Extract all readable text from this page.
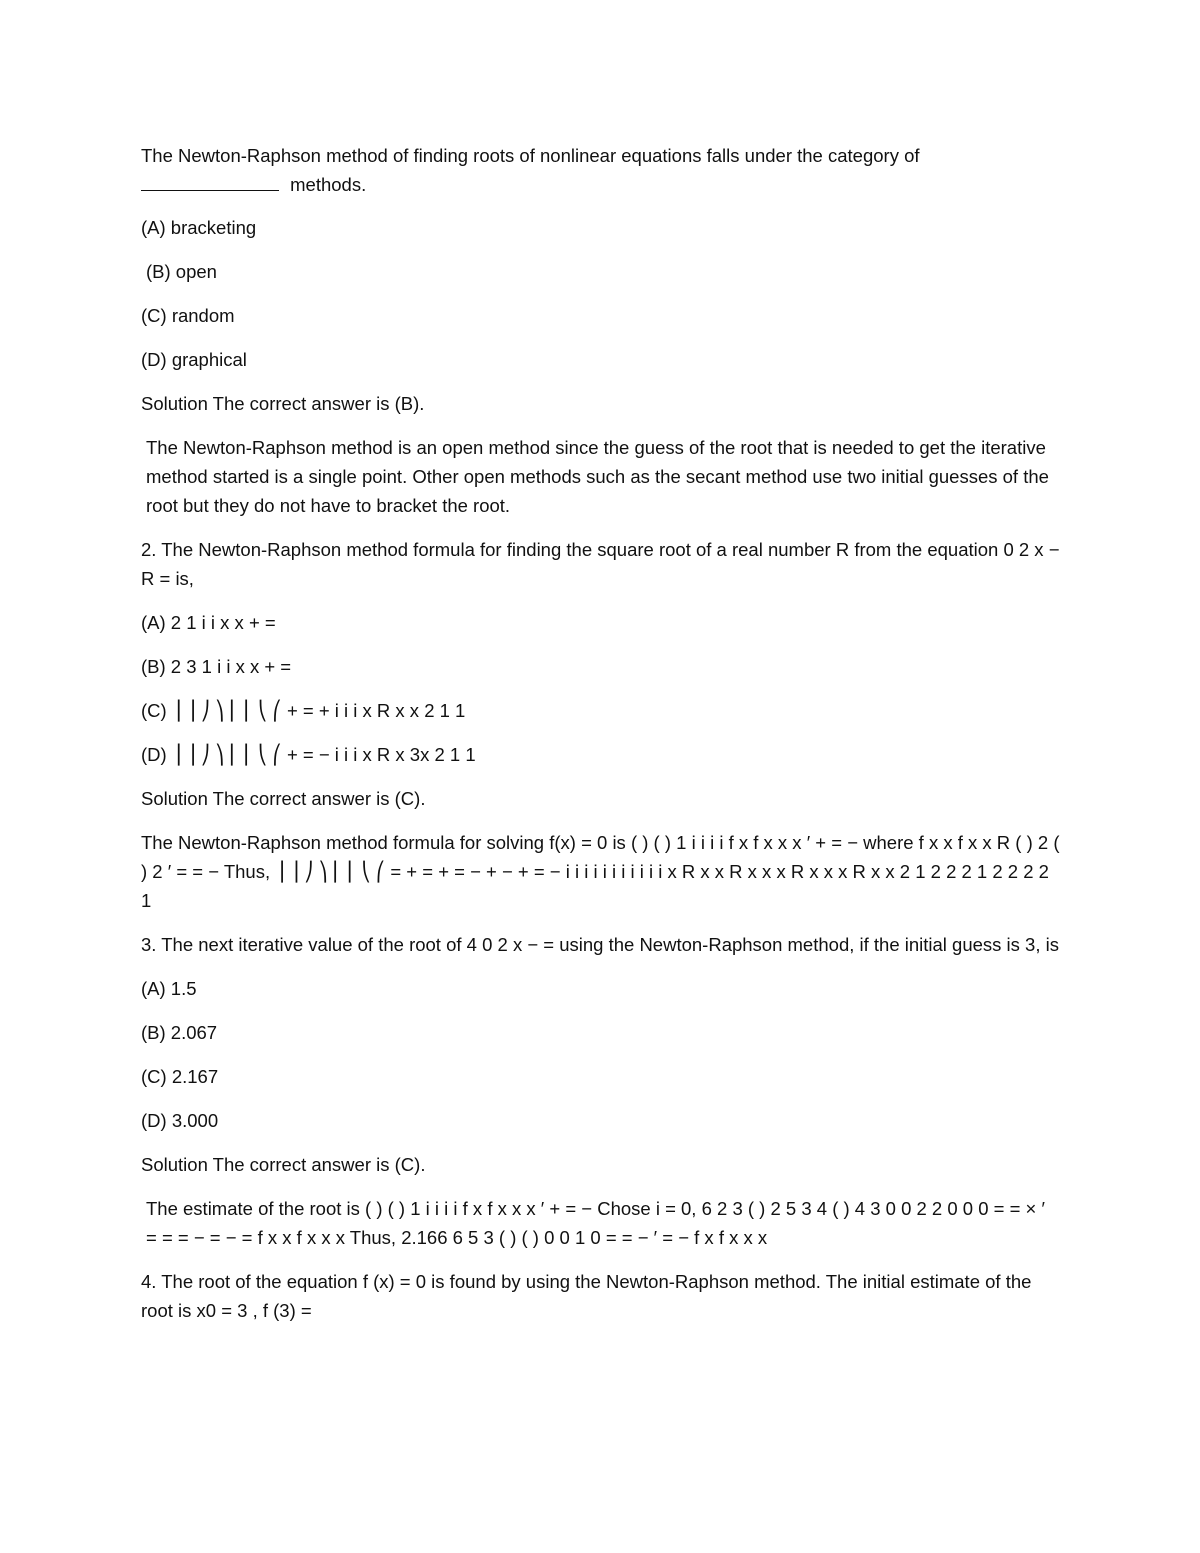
The Newton-Raphson method of finding roots of nonlinear equations falls under the category of
methods.

(A) bracketing

(B) open

(C) random

(D) graphical

Solution The correct answer is (B).

The Newton-Raphson method is an open method since the guess of the root that is needed to get the iterative method started is a single point. Other open methods such as the secant method use two initial guesses of the root but they do not have to bracket the root.

2. The Newton-Raphson method formula for finding the square root of a real number R from the equation 0 2 x − R = is,

(A) 2 1 i i x x + =

(B) 2 3 1 i i x x + =

(C) ⎟ ⎟ ⎠ ⎞ ⎜ ⎜ ⎝ ⎛ + = + i i i x R x x 2 1 1

(D) ⎟ ⎟ ⎠ ⎞ ⎜ ⎜ ⎝ ⎛ + = − i i i x R x 3x 2 1 1

Solution The correct answer is (C).

The Newton-Raphson method formula for solving f(x) = 0 is ( ) ( ) 1 i i i i f x f x x x ′ + = − where f x x f x x R ( ) 2 ( ) 2 ′ = = − Thus, ⎟ ⎟ ⎠ ⎞ ⎜ ⎜ ⎝ ⎛ = + = + = − + − + = − i i i i i i i i i i i x R x x R x x x R x x x R x x 2 1 2 2 2 1 2 2 2 2 1

3. The next iterative value of the root of 4 0 2 x − = using the Newton-Raphson method, if the initial guess is 3, is

(A) 1.5

(B) 2.067

(C) 2.167

(D) 3.000

Solution The correct answer is (C).

The estimate of the root is ( ) ( ) 1 i i i i f x f x x x ′ + = − Chose i = 0, 6 2 3 ( ) 2 5 3 4 ( ) 4 3 0 0 2 2 0 0 0 = = × ′ = = = − = − = f x x f x x x Thus, 2.166 6 5 3 ( ) ( ) 0 0 1 0 = = − ′ = − f x f x x x

4. The root of the equation f (x) = 0 is found by using the Newton-Raphson method. The initial estimate of the root is x0 = 3 , f (3) =
